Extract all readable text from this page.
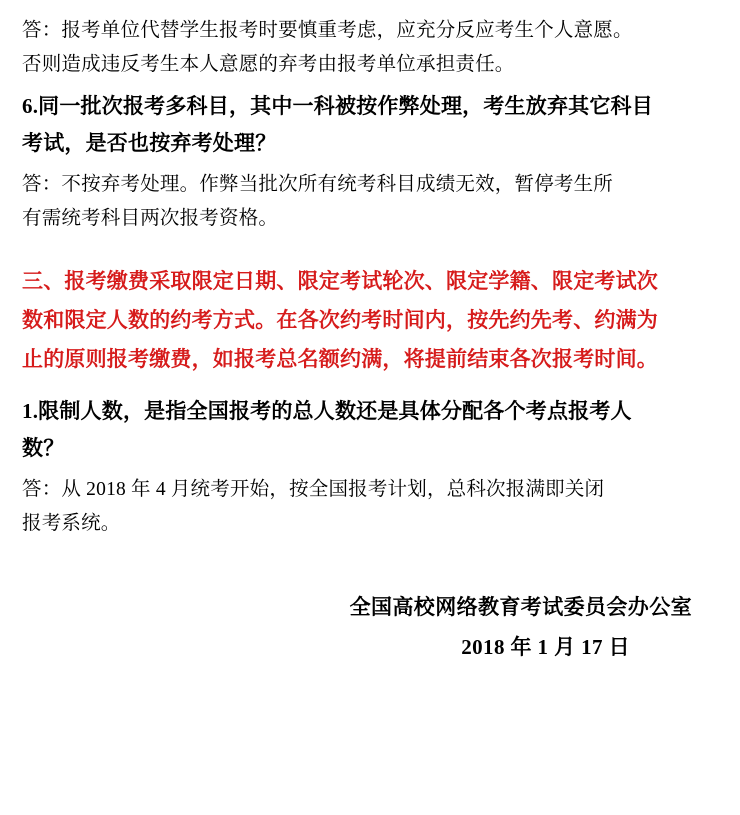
答：报考单位代替学生报考时要慎重考虑，应充分反应考生个人意愿。

否则造成违反考生本人意愿的弃考由报考单位承担责任。

6.同一批次报考多科目，其中一科被按作弊处理，考生放弃其它科目

考试，是否也按弃考处理？

答：不按弃考处理。作弊当批次所有统考科目成绩无效，暂停考生所

有需统考科目两次报考资格。

三、报考缴费采取限定日期、限定考试轮次、限定学籍、限定考试次

数和限定人数的约考方式。在各次约考时间内，按先约先考、约满为

止的原则报考缴费，如报考总名额约满，将提前结束各次报考时间。

1.限制人数，是指全国报考的总人数还是具体分配各个考点报考人

数？

答：从 2018 年 4 月统考开始，按全国报考计划，总科次报满即关闭

报考系统。

全国高校网络教育考试委员会办公室

2018 年 1 月 17 日
